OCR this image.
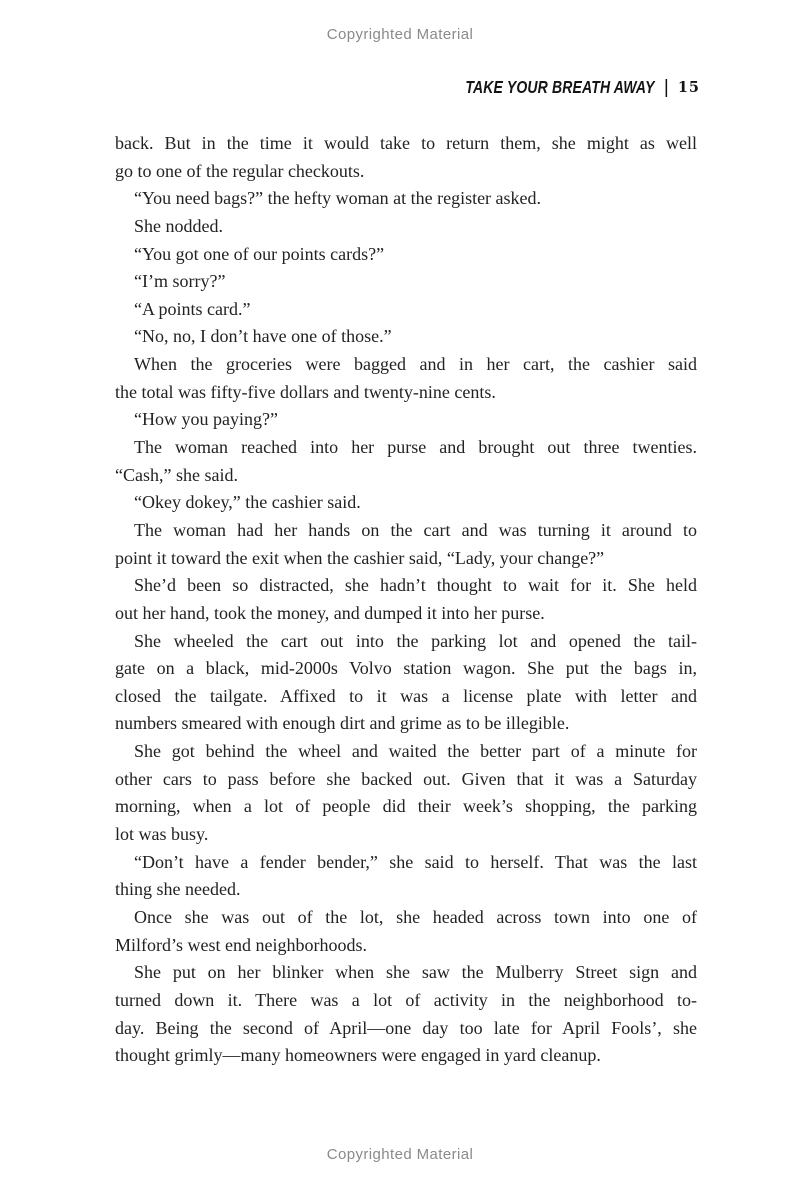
Copyrighted Material
TAKE YOUR BREATH AWAY | 15
back. But in the time it would take to return them, she might as well
go to one of the regular checkouts.
“You need bags?” the hefty woman at the register asked.
She nodded.
“You got one of our points cards?”
“I’m sorry?”
“A points card.”
“No, no, I don’t have one of those.”
When the groceries were bagged and in her cart, the cashier said
the total was fifty-five dollars and twenty-nine cents.
“How you paying?”
The woman reached into her purse and brought out three twenties.
“Cash,” she said.
“Okey dokey,” the cashier said.
The woman had her hands on the cart and was turning it around to
point it toward the exit when the cashier said, “Lady, your change?”
She’d been so distracted, she hadn’t thought to wait for it. She held
out her hand, took the money, and dumped it into her purse.
She wheeled the cart out into the parking lot and opened the tail-
gate on a black, mid-2000s Volvo station wagon. She put the bags in,
closed the tailgate. Affixed to it was a license plate with letter and
numbers smeared with enough dirt and grime as to be illegible.
She got behind the wheel and waited the better part of a minute for
other cars to pass before she backed out. Given that it was a Saturday
morning, when a lot of people did their week’s shopping, the parking
lot was busy.
“Don’t have a fender bender,” she said to herself. That was the last
thing she needed.
Once she was out of the lot, she headed across town into one of
Milford’s west end neighborhoods.
She put on her blinker when she saw the Mulberry Street sign and
turned down it. There was a lot of activity in the neighborhood to-
day. Being the second of April—one day too late for April Fools’, she
thought grimly—many homeowners were engaged in yard cleanup.
Copyrighted Material
